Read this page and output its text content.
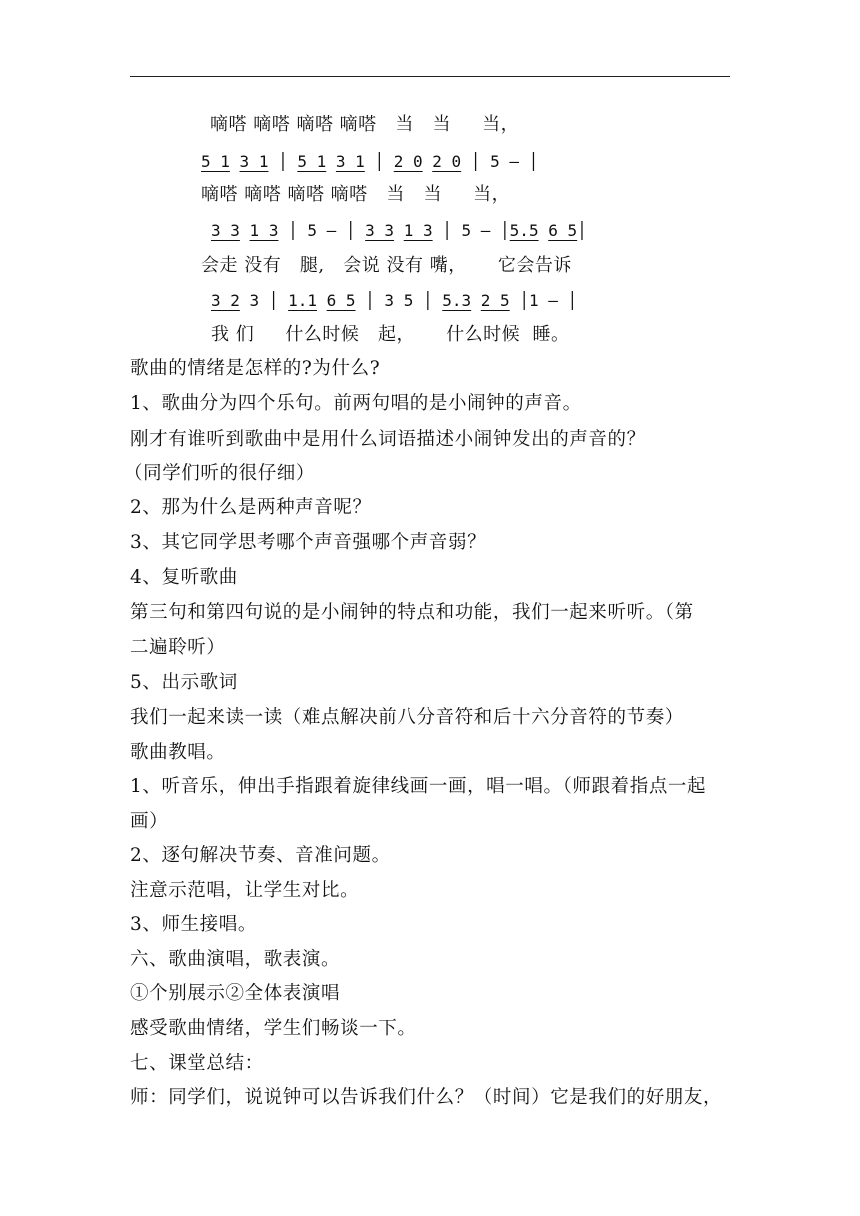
嘀嗒 嘀嗒 嘀嗒 嘀嗒   当   当     当，
5 1 3 1 │ 5 1 3 1 │ 2 0 2 0 │ 5 – │
嘀嗒 嘀嗒 嘀嗒 嘀嗒   当   当     当，
3 3 1 3 │ 5 – │ 3 3 1 3 │ 5 – │5.5 6 5│
会走 没有   腿,   会说 没有 嘴，     它会告诉
3 2 3 │ 1.1 6 5 │ 3 5 │ 5.3 2 5 │1 – │
我 们     什么时候   起，     什么时候  睡。
歌曲的情绪是怎样的?为什么?
1、歌曲分为四个乐句。前两句唱的是小闹钟的声音。
刚才有谁听到歌曲中是用什么词语描述小闹钟发出的声音的？
（同学们听的很仔细）
2、那为什么是两种声音呢？
3、其它同学思考哪个声音强哪个声音弱？
4、复听歌曲
第三句和第四句说的是小闹钟的特点和功能，我们一起来听听。（第
二遍聆听）
5、出示歌词
我们一起来读一读（难点解决前八分音符和后十六分音符的节奏）
歌曲教唱。
1、听音乐，伸出手指跟着旋律线画一画，唱一唱。（师跟着指点一起
画）
2、逐句解决节奏、音准问题。
注意示范唱，让学生对比。
3、师生接唱。
六、歌曲演唱，歌表演。
①个别展示②全体表演唱
感受歌曲情绪，学生们畅谈一下。
七、课堂总结：
师：同学们，说说钟可以告诉我们什么？（时间）它是我们的好朋友，
